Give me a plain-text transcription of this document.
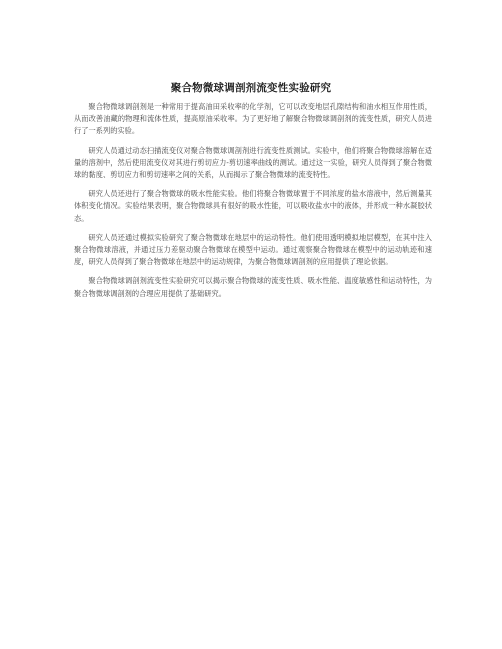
聚合物微球调剖剂流变性实验研究

聚合物微球调剖剂是一种常用于提高油田采收率的化学剂，它可以改变地层孔隙结构和油水相互作用性质，从而改善油藏的物理和流体性质，提高原油采收率。为了更好地了解聚合物微球调剖剂的流变性质，研究人员进行了一系列的实验。

研究人员通过动态扫描流变仪对聚合物微球调剖剂进行流变性质测试。实验中，他们将聚合物微球溶解在适量的溶剂中，然后使用流变仪对其进行剪切应力-剪切速率曲线的测试。通过这一实验，研究人员得到了聚合物微球的黏度、剪切应力和剪切速率之间的关系，从而揭示了聚合物微球的流变特性。

研究人员还进行了聚合物微球的吸水性能实验。他们将聚合物微球置于不同浓度的盐水溶液中，然后测量其体积变化情况。实验结果表明，聚合物微球具有很好的吸水性能，可以吸收盐水中的液体，并形成一种水凝胶状态。

研究人员还通过模拟实验研究了聚合物微球在地层中的运动特性。他们使用透明模拟地层模型，在其中注入聚合物微球溶液，并通过压力差驱动聚合物微球在模型中运动。通过观察聚合物微球在模型中的运动轨迹和速度，研究人员得到了聚合物微球在地层中的运动规律，为聚合物微球调剖剂的应用提供了理论依据。

聚合物微球调剖剂流变性实验研究可以揭示聚合物微球的流变性质、吸水性能、温度敏感性和运动特性，为聚合物微球调剖剂的合理应用提供了基础研究。
